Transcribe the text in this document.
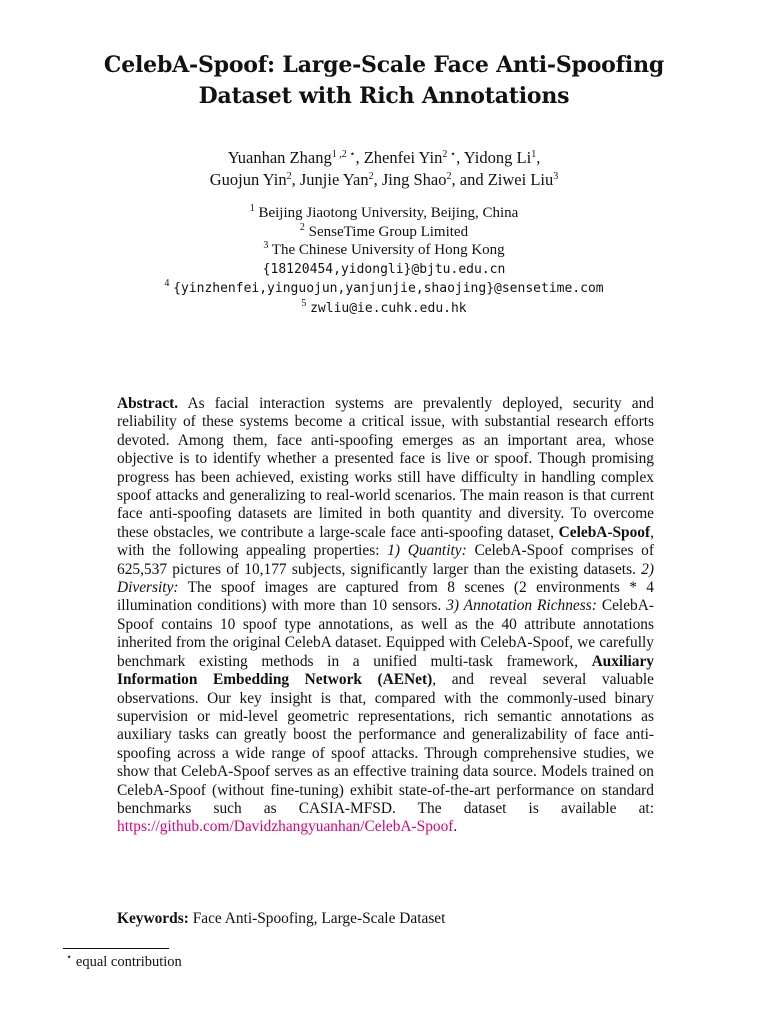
CelebA-Spoof: Large-Scale Face Anti-Spoofing
Dataset with Rich Annotations
Yuanhan Zhang$^{1 ,2 ⋆}$, Zhenfei Yin$^{2 ⋆}$, Yidong Li$^1$,
Guojun Yin$^2$, Junjie Yan$^2$, Jing Shao$^2$, and Ziwei Liu$^3$
$^1$ Beijing Jiaotong University, Beijing, China
$^2$ SenseTime Group Limited
$^3$ The Chinese University of Hong Kong
{18120454,yidongli}@bjtu.edu.cn
$^4$ {yinzhenfei,yinguojun,yanjunjie,shaojing}@sensetime.com
$^5$ zwliu@ie.cuhk.edu.hk
Abstract. As facial interaction systems are prevalently deployed, security and reliability of these systems become a critical issue, with substantial research efforts devoted. Among them, face anti-spoofing emerges as an important area, whose objective is to identify whether a presented face is live or spoof. Though promising progress has been achieved, existing works still have difficulty in handling complex spoof attacks and generalizing to real-world scenarios. The main reason is that current face anti-spoofing datasets are limited in both quantity and diversity. To overcome these obstacles, we contribute a large-scale face anti-spoofing dataset, CelebA-Spoof, with the following appealing properties: 1) Quantity: CelebA-Spoof comprises of 625,537 pictures of 10,177 subjects, significantly larger than the existing datasets. 2) Diversity: The spoof images are captured from 8 scenes (2 environments * 4 illumination conditions) with more than 10 sensors. 3) Annotation Richness: CelebA-Spoof contains 10 spoof type annotations, as well as the 40 attribute annotations inherited from the original CelebA dataset. Equipped with CelebA-Spoof, we carefully benchmark existing methods in a unified multi-task framework, Auxiliary Information Embedding Network (AENet), and reveal several valuable observations. Our key insight is that, compared with the commonly-used binary supervision or mid-level geometric representations, rich semantic annotations as auxiliary tasks can greatly boost the performance and generalizability of face anti-spoofing across a wide range of spoof attacks. Through comprehensive studies, we show that CelebA-Spoof serves as an effective training data source. Models trained on CelebA-Spoof (without fine-tuning) exhibit state-of-the-art performance on standard benchmarks such as CASIA-MFSD. The dataset is available at: https://github.com/Davidzhangyuanhan/CelebA-Spoof.
Keywords: Face Anti-Spoofing, Large-Scale Dataset
⋆ equal contribution
